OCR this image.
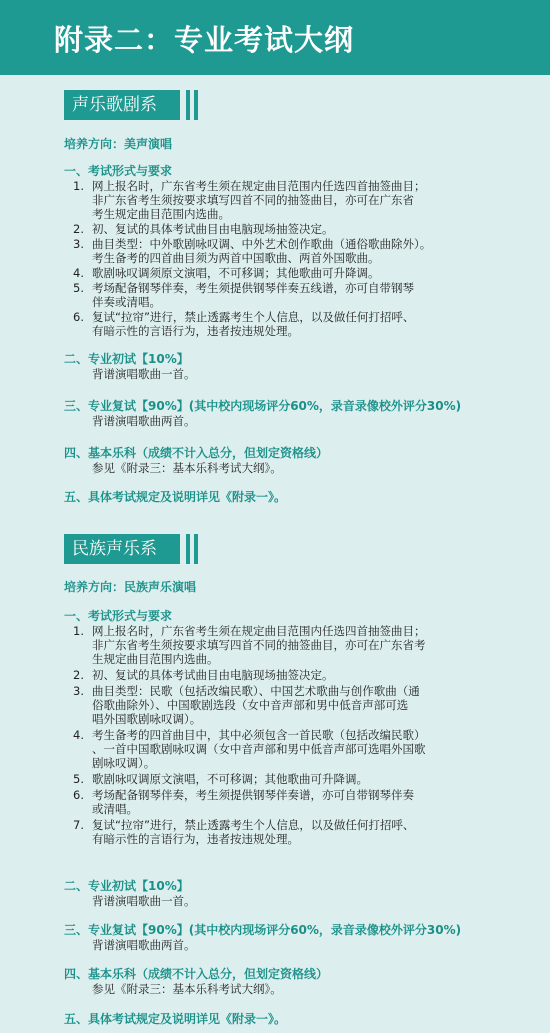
附录二：专业考试大纲
声乐歌剧系
培养方向：美声演唱
一、考试形式与要求
1. 网上报名时，广东省考生须在规定曲目范围内任选四首抽签曲目；
非广东省考生须按要求填写四首不同的抽签曲目，亦可在广东省
考生规定曲目范围内选曲。
2. 初、复试的具体考试曲目由电脑现场抽签决定。
3. 曲目类型：中外歌剧咏叹调、中外艺术创作歌曲（通俗歌曲除外）。
考生备考的四首曲目须为两首中国歌曲、两首外国歌曲。
4. 歌剧咏叹调须原文演唱，不可移调；其他歌曲可升降调。
5. 考场配备钢琴伴奏，考生须提供钢琴伴奏五线谱，亦可自带钢琴
伴奏或清唱。
6. 复试“拉帘”进行，禁止透露考生个人信息，以及做任何打招呼、
有暗示性的言语行为，违者按违规处理。
二、专业初试【10%】
背谱演唱歌曲一首。
三、专业复试【90%】(其中校内现场评分60%，录音录像校外评分30%)
背谱演唱歌曲两首。
四、基本乐科（成绩不计入总分，但划定资格线）
参见《附录三：基本乐科考试大纲》。
五、具体考试规定及说明详见《附录一》。
民族声乐系
培养方向：民族声乐演唱
一、考试形式与要求
1. 网上报名时，广东省考生须在规定曲目范围内任选四首抽签曲目；
非广东省考生须按要求填写四首不同的抽签曲目，亦可在广东省考
生规定曲目范围内选曲。
2. 初、复试的具体考试曲目由电脑现场抽签决定。
3. 曲目类型：民歌（包括改编民歌）、中国艺术歌曲与创作歌曲（通
俗歌曲除外）、中国歌剧选段（女中音声部和男中低音声部可选
唱外国歌剧咏叹调）。
4. 考生备考的四首曲目中，其中必须包含一首民歌（包括改编民歌）
、一首中国歌剧咏叹调（女中音声部和男中低音声部可选唱外国歌
剧咏叹调）。
5. 歌剧咏叹调原文演唱，不可移调；其他歌曲可升降调。
6. 考场配备钢琴伴奏，考生须提供钢琴伴奏谱，亦可自带钢琴伴奏
或清唱。
7. 复试“拉帘”进行，禁止透露考生个人信息，以及做任何打招呼、
有暗示性的言语行为，违者按违规处理。
二、专业初试【10%】
背谱演唱歌曲一首。
三、专业复试【90%】(其中校内现场评分60%，录音录像校外评分30%)
背谱演唱歌曲两首。
四、基本乐科（成绩不计入总分，但划定资格线）
参见《附录三：基本乐科考试大纲》。
五、具体考试规定及说明详见《附录一》。
